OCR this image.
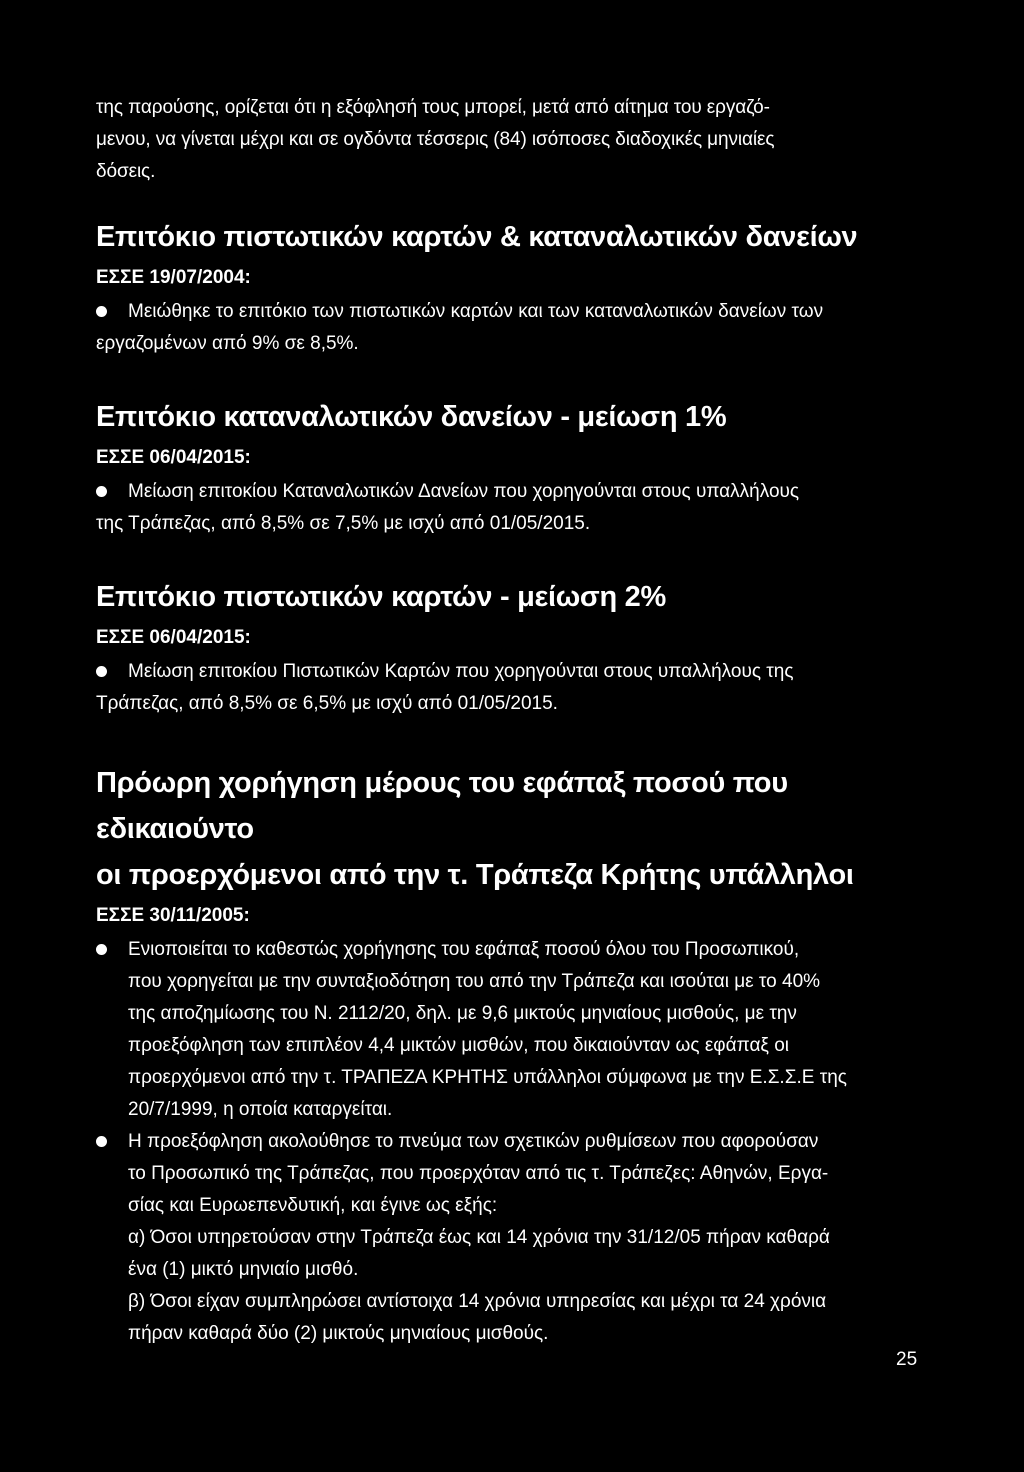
της παρούσης, ορίζεται ότι η εξόφλησή τους μπορεί, μετά από αίτημα του εργαζό-
μενου, να γίνεται μέχρι και σε ογδόντα τέσσερις (84) ισόποσες διαδοχικές μηνιαίες
δόσεις.
Επιτόκιο πιστωτικών καρτών & καταναλωτικών δανείων
ΕΣΣΕ 19/07/2004:
Μειώθηκε το επιτόκιο των πιστωτικών καρτών και των καταναλωτικών δανείων των
εργαζομένων από 9% σε 8,5%.
Επιτόκιο καταναλωτικών δανείων - μείωση 1%
ΕΣΣΕ 06/04/2015:
Μείωση επιτοκίου Καταναλωτικών Δανείων που χορηγούνται στους υπαλλήλους
της Τράπεζας, από 8,5% σε 7,5% με ισχύ από 01/05/2015.
Επιτόκιο πιστωτικών καρτών - μείωση 2%
ΕΣΣΕ 06/04/2015:
Μείωση επιτοκίου Πιστωτικών Καρτών που χορηγούνται στους υπαλλήλους της
Τράπεζας, από 8,5% σε 6,5% με ισχύ από 01/05/2015.
Πρόωρη χορήγηση μέρους του εφάπαξ ποσού που εδικαιούντο
οι προερχόμενοι από την τ. Τράπεζα Κρήτης υπάλληλοι
ΕΣΣΕ 30/11/2005:
Ενιοποιείται το καθεστώς χορήγησης του εφάπαξ ποσού όλου του Προσωπικού,
που χορηγείται με την συνταξιοδότηση του από την Τράπεζα και ισούται με το 40%
της αποζημίωσης του Ν. 2112/20, δηλ. με 9,6 μικτούς μηνιαίους μισθούς, με την
προεξόφληση των επιπλέον 4,4 μικτών μισθών, που δικαιούνταν ως εφάπαξ οι
προερχόμενοι από την τ. ΤΡΑΠΕΖΑ ΚΡΗΤΗΣ υπάλληλοι σύμφωνα με την Ε.Σ.Σ.Ε της
20/7/1999, η οποία καταργείται.
Η προεξόφληση ακολούθησε το πνεύμα των σχετικών ρυθμίσεων που αφορούσαν
το Προσωπικό της Τράπεζας, που προερχόταν από τις τ. Τράπεζες: Αθηνών, Εργα-
σίας και Ευρωεπενδυτική, και έγινε ως εξής:
α) Όσοι υπηρετούσαν στην Τράπεζα έως και 14 χρόνια την 31/12/05 πήραν καθαρά
ένα (1) μικτό μηνιαίο μισθό.
β) Όσοι είχαν συμπληρώσει αντίστοιχα 14 χρόνια υπηρεσίας και μέχρι τα 24 χρόνια
πήραν καθαρά δύο (2) μικτούς μηνιαίους μισθούς.
25
